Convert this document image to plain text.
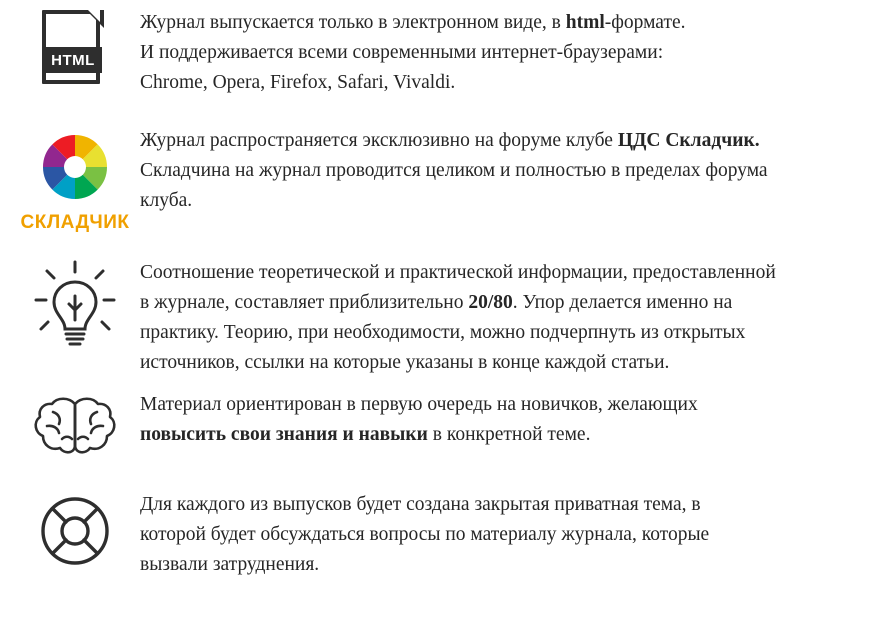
HTML

Журнал выпускается только в электронном виде, в html-формате.
И поддерживается всеми современными интернет-браузерами:
Chrome, Opera, Firefox, Safari, Vivaldi.

СКЛАДЧИК

Журнал распространяется эксклюзивно на форуме клубе ЦДС Складчик.
Складчина на журнал проводится целиком и полностью в пределах форума
клуба.

Соотношение теоретической и практической информации, предоставленной
в журнале, составляет приблизительно 20/80. Упор делается именно на
практику. Теорию, при необходимости, можно подчерпнуть из открытых
источников, ссылки на которые указаны в конце каждой статьи.

Материал ориентирован в первую очередь на новичков, желающих
повысить свои знания и навыки в конкретной теме.

Для каждого из выпусков будет создана закрытая приватная тема, в
которой будет обсуждаться вопросы по материалу журнала, которые
вызвали затруднения.
